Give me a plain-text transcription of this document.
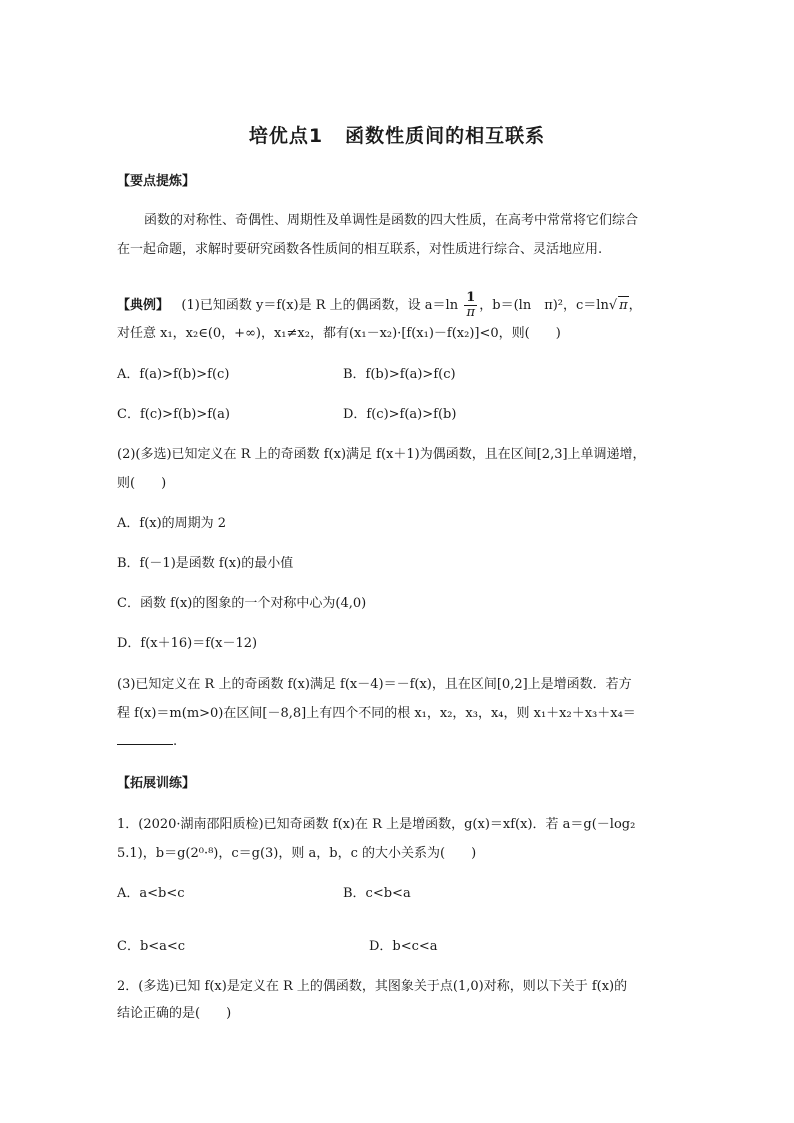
培优点1 函数性质间的相互联系
【要点提炼】
函数的对称性、奇偶性、周期性及单调性是函数的四大性质，在高考中常常将它们综合
在一起命题，求解时要研究函数各性质间的相互联系，对性质进行综合、灵活地应用.
【典例】 (1)已知函数 y＝f(x)是 R 上的偶函数，设 $a=\ln \frac{1}{\pi}$ ，b＝(ln　π)²，c＝ln√ π，
对任意 x₁，x₂∈(0，+∞)，x₁≠x₂，都有(x₁－x₂)·[f(x₁)－f(x₂)]<0，则(　　)
A．f(a)>f(b)>f(c)	B．f(b)>f(a)>f(c)
C．f(c)>f(b)>f(a)	D．f(c)>f(a)>f(b)
(2)(多选)已知定义在 R 上的奇函数 f(x)满足 f(x＋1)为偶函数，且在区间[2,3]上单调递增，
则(　　)
A．f(x)的周期为 2
B．f(－1)是函数 f(x)的最小值
C．函数 f(x)的图象的一个对称中心为(4,0)
D．f(x＋16)＝f(x－12)
(3)已知定义在 R 上的奇函数 f(x)满足 f(x－4)＝－f(x)，且在区间[0,2]上是增函数．若方
程 f(x)＝m(m>0)在区间[－8,8]上有四个不同的根 x₁，x₂，x₃，x₄，则 x₁＋x₂＋x₃＋x₄＝
.
【拓展训练】
1．(2020·湖南邵阳质检)已知奇函数 f(x)在 R 上是增函数，g(x)＝xf(x)．若 a＝g(－log₂
5.1)，b＝g(2⁰·⁸)，c＝g(3)，则 a，b，c 的大小关系为(　　)
A．a<b<c	B．c<b<a
C．b<a<c	D．b<c<a
2．(多选)已知 f(x)是定义在 R 上的偶函数，其图象关于点(1,0)对称，则以下关于 f(x)的
结论正确的是(　　)
